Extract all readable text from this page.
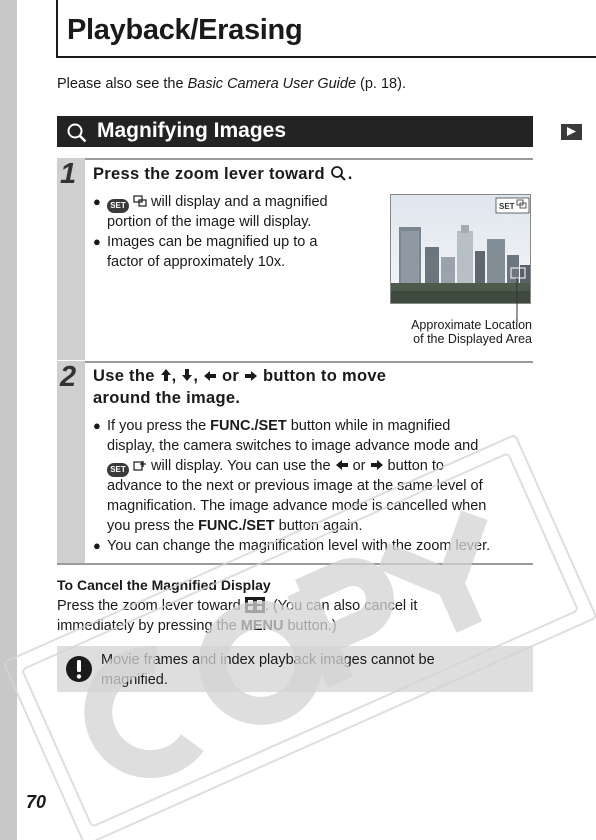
Playback/Erasing
Please also see the Basic Camera User Guide (p. 18).
Magnifying Images
1 Press the zoom lever toward .
●	SET  will display and a magnified
portion of the image will display.
● Images can be magnified up to a
factor of approximately 10x.
SET
Approximate Location
of the Displayed Area
2 Use the , , or button to move
around the image.
● If you press the FUNC./SET button while in magnified
display, the camera switches to image advance mode and
SET  will display. You can use the  or  button to
advance to the next or previous image at the same level of
magnification. The image advance mode is cancelled when
you press the FUNC./SET button again.
● You can change the magnification level with the zoom lever.
To Cancel the Magnified Display
Press the zoom lever toward . (You can also cancel it
immediately by pressing the MENU button.)
Movie frames and index playback images cannot be
magnified.
70
